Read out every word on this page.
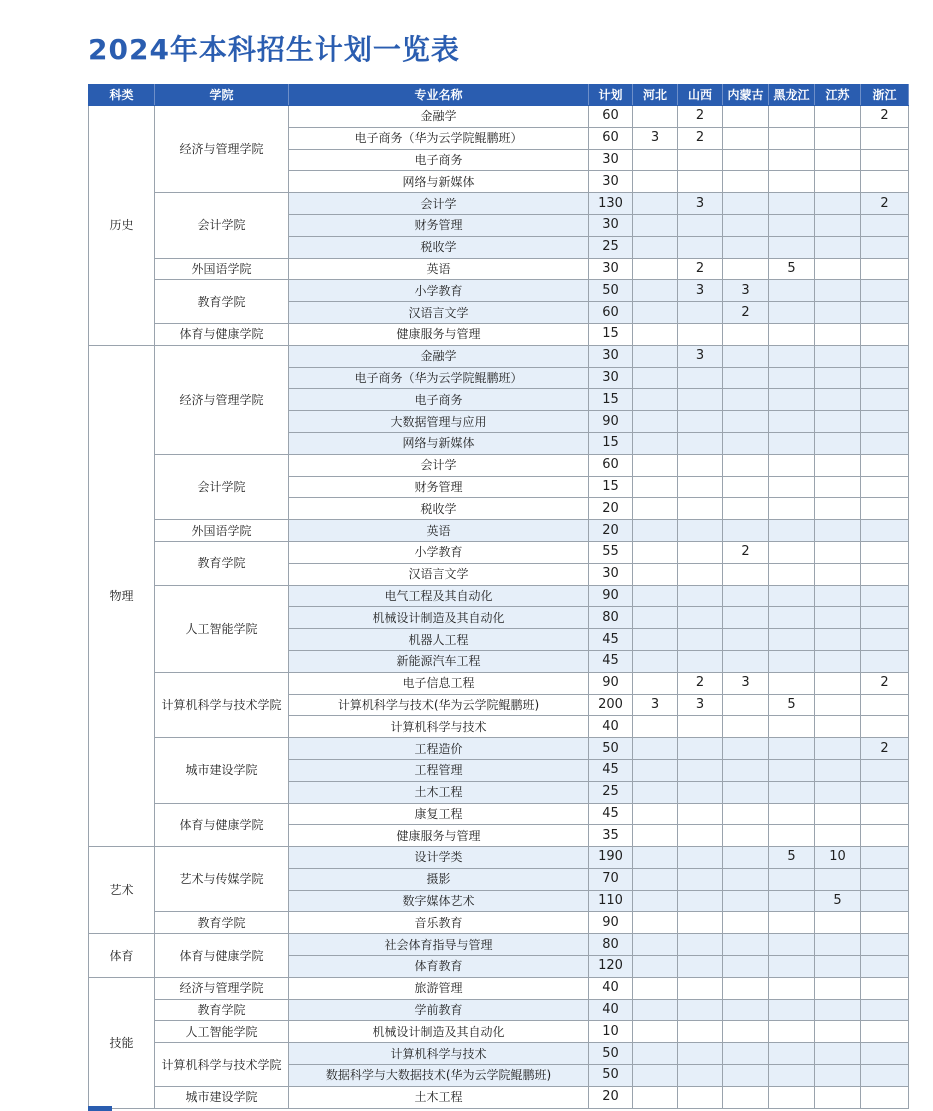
2024年本科招生计划一览表
科类	学院	专业名称	计划	河北	山西	内蒙古	黑龙江	江苏	浙江
历史	经济与管理学院	金融学	60		2				2
		电子商务（华为云学院鲲鹏班）	60	3	2				
		电子商务	30						
		网络与新媒体	30						
	会计学院	会计学	130		3				2
		财务管理	30						
		税收学	25						
	外国语学院	英语	30		2		5		
	教育学院	小学教育	50		3	3			
		汉语言文学	60			2			
	体育与健康学院	健康服务与管理	15						
物理	经济与管理学院	金融学	30		3				
		电子商务（华为云学院鲲鹏班）	30						
		电子商务	15						
		大数据管理与应用	90						
		网络与新媒体	15						
	会计学院	会计学	60						
		财务管理	15						
		税收学	20						
	外国语学院	英语	20						
	教育学院	小学教育	55			2			
		汉语言文学	30						
	人工智能学院	电气工程及其自动化	90						
		机械设计制造及其自动化	80						
		机器人工程	45						
		新能源汽车工程	45						
	计算机科学与技术学院	电子信息工程	90		2	3			2
		计算机科学与技术(华为云学院鲲鹏班)	200	3	3		5		
		计算机科学与技术	40						
	城市建设学院	工程造价	50						2
		工程管理	45						
		土木工程	25						
	体育与健康学院	康复工程	45						
		健康服务与管理	35						
艺术	艺术与传媒学院	设计学类	190				5	10	
		摄影	70						
		数字媒体艺术	110					5	
	教育学院	音乐教育	90						
体育	体育与健康学院	社会体育指导与管理	80						
		体育教育	120						
技能	经济与管理学院	旅游管理	40						
	教育学院	学前教育	40						
	人工智能学院	机械设计制造及其自动化	10						
	计算机科学与技术学院	计算机科学与技术	50						
		数据科学与大数据技术(华为云学院鲲鹏班)	50						
	城市建设学院	土木工程	20						
